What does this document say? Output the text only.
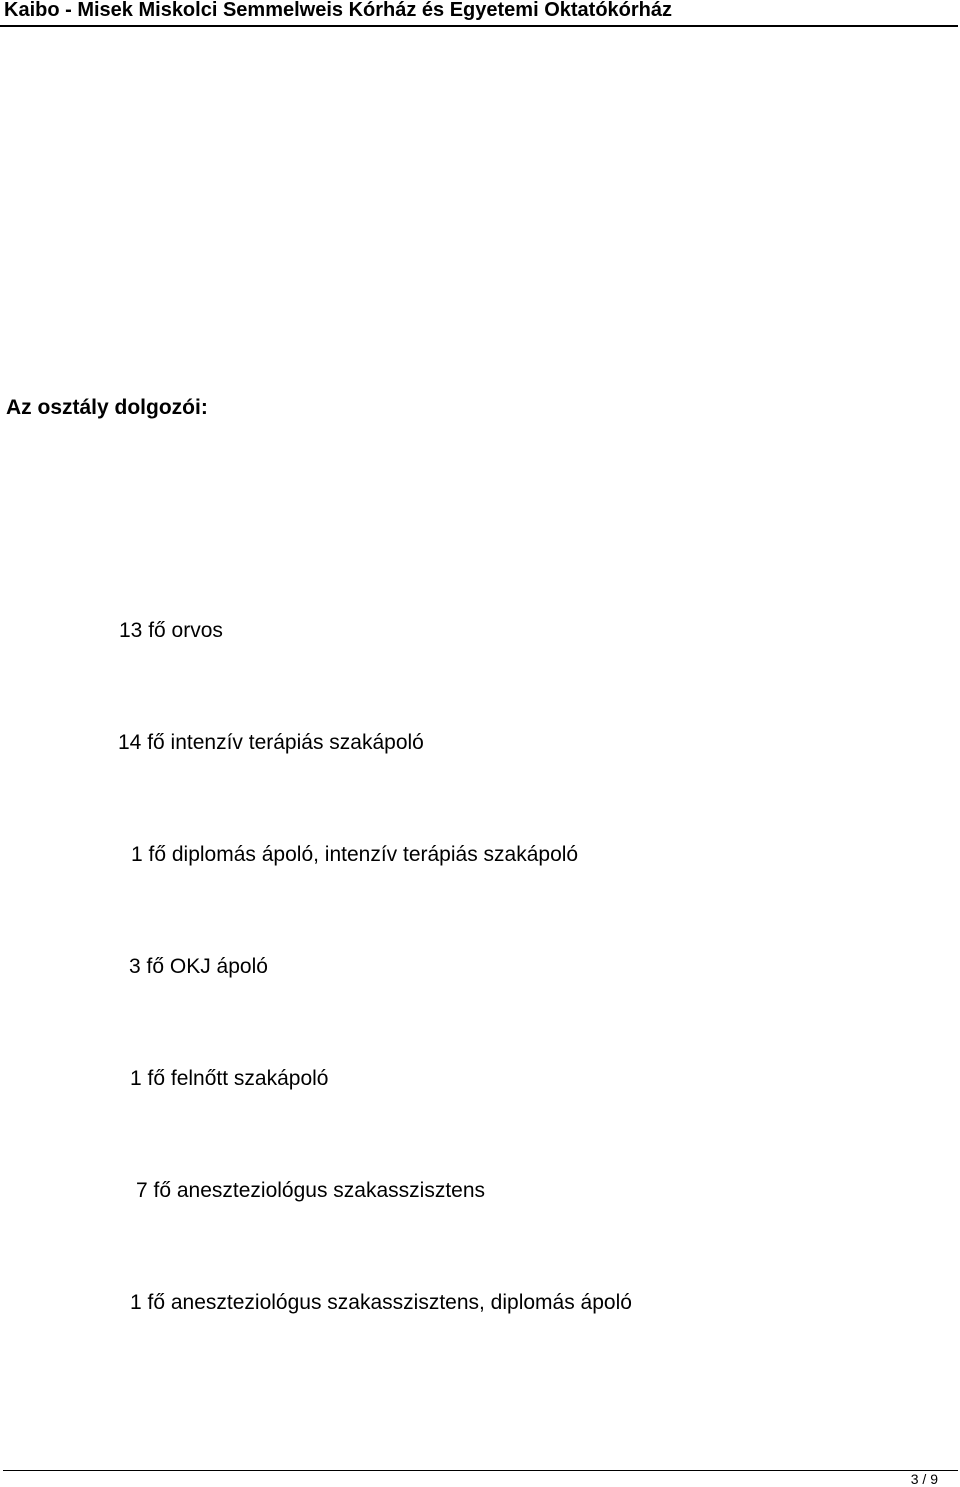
Kaibo - Misek Miskolci Semmelweis Kórház és Egyetemi Oktatókórház
Az osztály dolgozói:
13 fő orvos
14 fő intenzív terápiás szakápoló
1 fő diplomás ápoló, intenzív terápiás szakápoló
3 fő OKJ ápoló
1 fő felnőtt szakápoló
7 fő aneszteziológus szakasszisztens
1 fő aneszteziológus szakasszisztens, diplomás ápoló
3 / 9
